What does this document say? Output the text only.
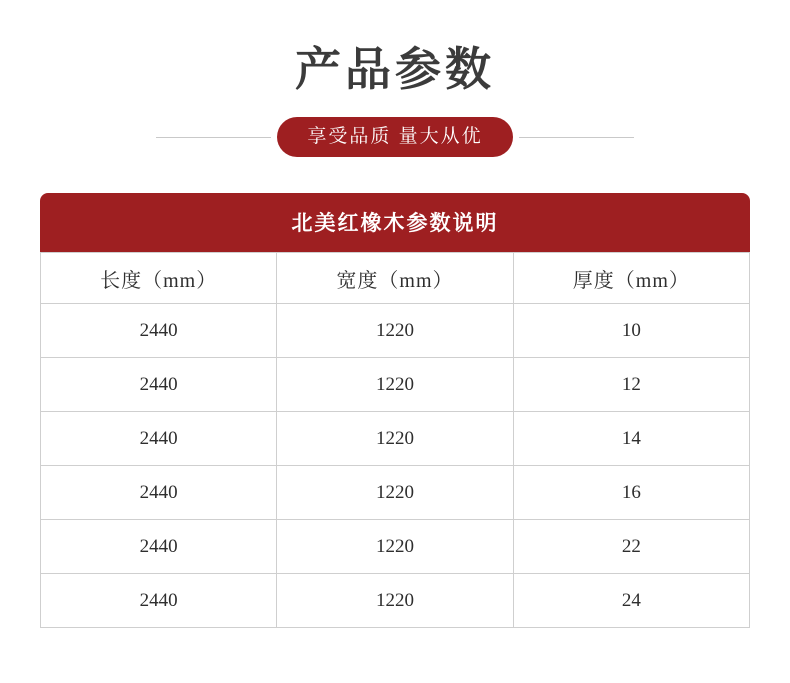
产品参数
享受品质 量大从优
北美红橡木参数说明
长度（mm）	宽度（mm）	厚度（mm）
2440	1220	10
2440	1220	12
2440	1220	14
2440	1220	16
2440	1220	22
2440	1220	24
